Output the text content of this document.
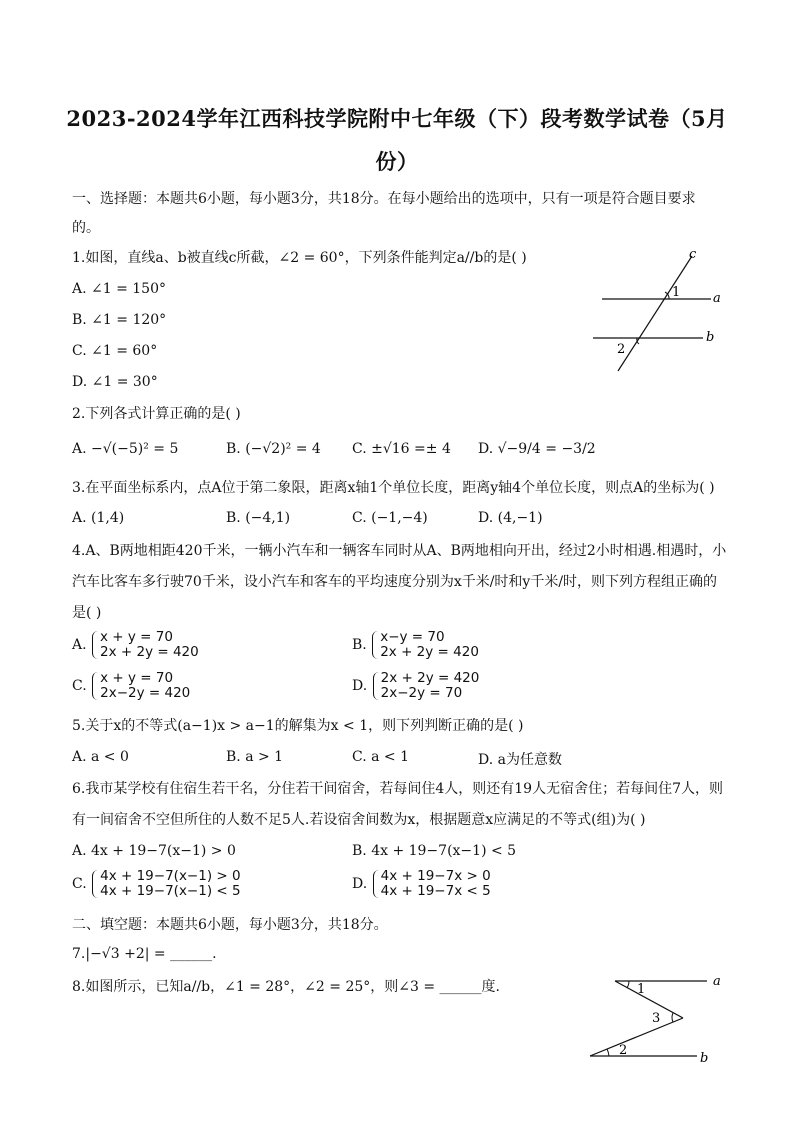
2023-2024学年江西科技学院附中七年级（下）段考数学试卷（5月
份）
一、选择题：本题共6小题，每小题3分，共18分。在每小题给出的选项中，只有一项是符合题目要求
的。
1.如图，直线a、b被直线c所截，∠2 = 60°，下列条件能判定a//b的是( )
A. ∠1 = 150°
B. ∠1 = 120°
C. ∠1 = 60°
D. ∠1 = 30°
c
a
b
1
2
2.下列各式计算正确的是( )
A. −√(−5)² = 5	B. (−√2)² = 4 C. ±√16 =± 4 D. √−9/4 = −3/2
3.在平面坐标系内，点A位于第二象限，距离x轴1个单位长度，距离y轴4个单位长度，则点A的坐标为( )
A. (1,4)	B. (−4,1)	C. (−1,−4)	D. (4,−1)
4.A、B两地相距420千米，一辆小汽车和一辆客车同时从A、B两地相向开出，经过2小时相遇.相遇时，小
汽车比客车多行驶70千米，设小汽车和客车的平均速度分别为x千米/时和y千米/时，则下列方程组正确的
是( )
A. x + y = 70
2x + 2y = 420	B. x−y = 70
2x + 2y = 420
C. x + y = 70
2x−2y = 420	D. 2x + 2y = 420
2x−2y = 70
5.关于x的不等式(a−1)x > a−1的解集为x < 1，则下列判断正确的是( )
A. a < 0	B. a > 1	C. a < 1	D. a为任意数
6.我市某学校有住宿生若干名，分住若干间宿舍，若每间住4人，则还有19人无宿舍住；若每间住7人，则
有一间宿舍不空但所住的人数不足5人.若设宿舍间数为x，根据题意x应满足的不等式(组)为( )
A. 4x + 19−7(x−1) > 0	B. 4x + 19−7(x−1) < 5
C. 4x + 19−7(x−1) > 0
4x + 19−7(x−1) < 5	D. 4x + 19−7x > 0
4x + 19−7x < 5
二、填空题：本题共6小题，每小题3分，共18分。
7.|−√3 +2| = ______.
8.如图所示，已知a//b，∠1 = 28°，∠2 = 25°，则∠3 = ______度.	a
b
1
3
2
